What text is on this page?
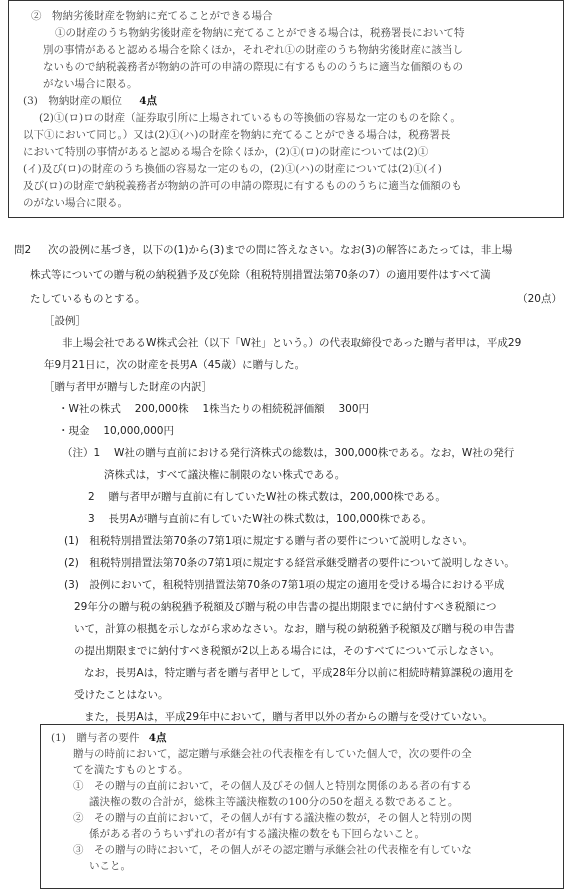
②　物納劣後財産を物納に充てることができる場合
①の財産のうち物納劣後財産を物納に充てることができる場合は，税務署長において特
別の事情があると認める場合を除くほか，それぞれ①の財産のうち物納劣後財産に該当し
ないもので納税義務者が物納の許可の申請の際現に有するもののうちに適当な価額のもの
がない場合に限る。
(3)　物納財産の順位 4点
(2)①(ロ)ロの財産（証券取引所に上場されているもの等換価の容易な一定のものを除く。
以下①において同じ。）又は(2)①(ハ)の財産を物納に充てることができる場合は，税務署長
において特別の事情があると認める場合を除くほか，(2)①(ロ)の財産については(2)①
(イ)及び(ロ)の財産のうち換価の容易な一定のもの，(2)①(ハ)の財産については(2)①(イ)
及び(ロ)の財産で納税義務者が物納の許可の申請の際現に有するもののうちに適当な価額のも
のがない場合に限る。
問2 次の設例に基づき，以下の(1)から(3)までの問に答えなさい。なお(3)の解答にあたっては，非上場
株式等についての贈与税の納税猶予及び免除（租税特別措置法第70条の7）の適用要件はすべて満
たしているものとする。	（20点）
［設例］
非上場会社であるW株式会社（以下「W社」という。）の代表取締役であった贈与者甲は，平成29
年9月21日に，次の財産を長男A（45歳）に贈与した。
［贈与者甲が贈与した財産の内訳］
・W社の株式　 200,000株　 1株当たりの相続税評価額　 300円
・現金　 10,000,000円
（注）1　 W社の贈与直前における発行済株式の総数は，300,000株である。なお，W社の発行
済株式は，すべて議決権に制限のない株式である。
2　 贈与者甲が贈与直前に有していたW社の株式数は，200,000株である。
3　 長男Aが贈与直前に有していたW社の株式数は，100,000株である。
(1)　租税特別措置法第70条の7第1項に規定する贈与者の要件について説明しなさい。
(2)　租税特別措置法第70条の7第1項に規定する経営承継受贈者の要件について説明しなさい。
(3)　設例において，租税特別措置法第70条の7第1項の規定の適用を受ける場合における平成
29年分の贈与税の納税猶予税額及び贈与税の申告書の提出期限までに納付すべき税額につ
いて，計算の根拠を示しながら求めなさい。なお，贈与税の納税猶予税額及び贈与税の申告書
の提出期限までに納付すべき税額が2以上ある場合には，そのすべてについて示しなさい。
なお，長男Aは，特定贈与者を贈与者甲として，平成28年分以前に相続時精算課税の適用を
受けたことはない。
また，長男Aは，平成29年中において，贈与者甲以外の者からの贈与を受けていない。
(1)　贈与者の要件 4点
贈与の時前において，認定贈与承継会社の代表権を有していた個人で，次の要件の全
てを満たすものとする。
①　その贈与の直前において，その個人及びその個人と特別な関係のある者の有する
議決権の数の合計が，総株主等議決権数の100分の50を超える数であること。
②　その贈与の直前において，その個人が有する議決権の数が，その個人と特別の関
係がある者のうちいずれの者が有する議決権の数をも下回らないこと。
③　その贈与の時において，その個人がその認定贈与承継会社の代表権を有していな
いこと。
